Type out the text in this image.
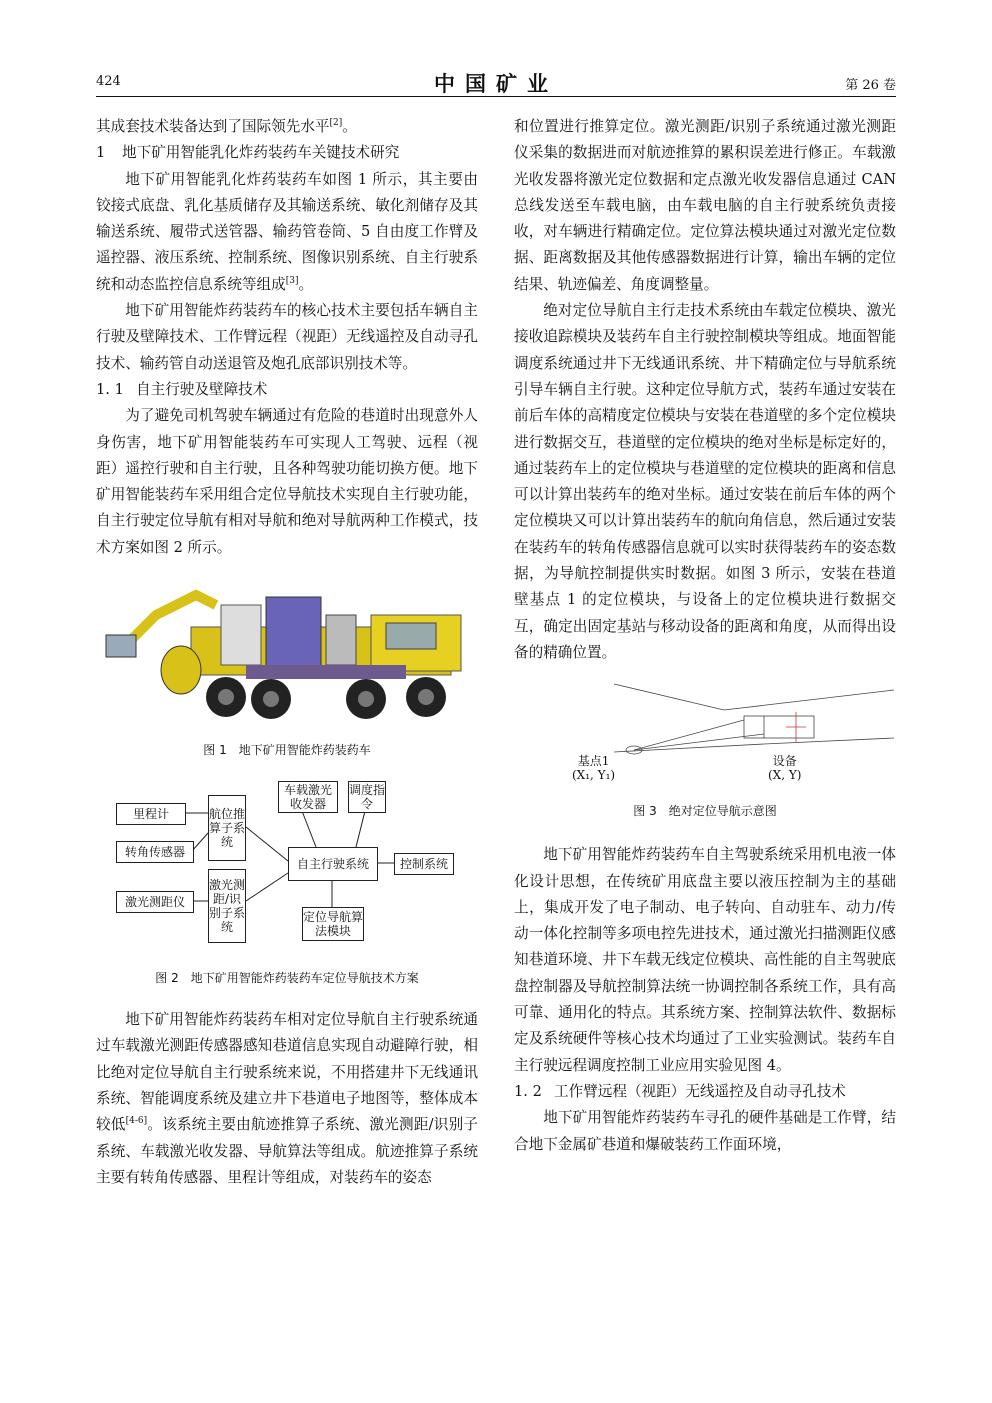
424	中国矿业	第 26 卷

其成套技术装备达到了国际领先水平[2]。

1 地下矿用智能乳化炸药装药车关键技术研究

地下矿用智能乳化炸药装药车如图 1 所示，其主要由铰接式底盘、乳化基质储存及其输送系统、敏化剂储存及其输送系统、履带式送管器、输药管卷筒、5 自由度工作臂及遥控器、液压系统、控制系统、图像识别系统、自主行驶系统和动态监控信息系统等组成[3]。

地下矿用智能炸药装药车的核心技术主要包括车辆自主行驶及壁障技术、工作臂远程（视距）无线遥控及自动寻孔技术、输药管自动送退管及炮孔底部识别技术等。

1. 1 自主行驶及壁障技术

为了避免司机驾驶车辆通过有危险的巷道时出现意外人身伤害，地下矿用智能装药车可实现人工驾驶、远程（视距）遥控行驶和自主行驶，且各种驾驶功能切换方便。地下矿用智能装药车采用组合定位导航技术实现自主行驶功能，自主行驶定位导航有相对导航和绝对导航两种工作模式，技术方案如图 2 所示。

图 1　地下矿用智能炸药装药车
里程计
转角传感器
激光测距仪
航位推算子系统
激光测距/识别子系统
车载激光收发器
调度指令
自主行驶系统	控制系统
定位导航算法模块
图 2　地下矿用智能炸药装药车定位导航技术方案

地下矿用智能炸药装药车相对定位导航自主行驶系统通过车载激光测距传感器感知巷道信息实现自动避障行驶，相比绝对定位导航自主行驶系统来说，不用搭建井下无线通讯系统、智能调度系统及建立井下巷道电子地图等，整体成本较低[4-6]。该系统主要由航迹推算子系统、激光测距/识别子系统、车载激光收发器、导航算法等组成。航迹推算子系统主要有转角传感器、里程计等组成，对装药车的姿态

和位置进行推算定位。激光测距/识别子系统通过激光测距仪采集的数据进而对航迹推算的累积误差进行修正。车载激光收发器将激光定位数据和定点激光收发器信息通过 CAN 总线发送至车载电脑，由车载电脑的自主行驶系统负责接收，对车辆进行精确定位。定位算法模块通过对激光定位数据、距离数据及其他传感器数据进行计算，输出车辆的定位结果、轨迹偏差、角度调整量。

绝对定位导航自主行走技术系统由车载定位模块、激光接收追踪模块及装药车自主行驶控制模块等组成。地面智能调度系统通过井下无线通讯系统、井下精确定位与导航系统引导车辆自主行驶。这种定位导航方式，装药车通过安装在前后车体的高精度定位模块与安装在巷道壁的多个定位模块进行数据交互，巷道壁的定位模块的绝对坐标是标定好的，通过装药车上的定位模块与巷道壁的定位模块的距离和信息可以计算出装药车的绝对坐标。通过安装在前后车体的两个定位模块又可以计算出装药车的航向角信息，然后通过安装在装药车的转角传感器信息就可以实时获得装药车的姿态数据，为导航控制提供实时数据。如图 3 所示，安装在巷道壁基点 1 的定位模块，与设备上的定位模块进行数据交互，确定出固定基站与移动设备的距离和角度，从而得出设备的精确位置。

基点1
(X₁, Y₁)
设备
(X, Y)
图 3　绝对定位导航示意图

地下矿用智能炸药装药车自主驾驶系统采用机电液一体化设计思想，在传统矿用底盘主要以液压控制为主的基础上，集成开发了电子制动、电子转向、自动驻车、动力/传动一体化控制等多项电控先进技术，通过激光扫描测距仪感知巷道环境、井下车载无线定位模块、高性能的自主驾驶底盘控制器及导航控制算法统一协调控制各系统工作，具有高可靠、通用化的特点。其系统方案、控制算法软件、数据标定及系统硬件等核心技术均通过了工业实验测试。装药车自主行驶远程调度控制工业应用实验见图 4。

1. 2 工作臂远程（视距）无线遥控及自动寻孔技术

地下矿用智能炸药装药车寻孔的硬件基础是工作臂，结合地下金属矿巷道和爆破装药工作面环境，
